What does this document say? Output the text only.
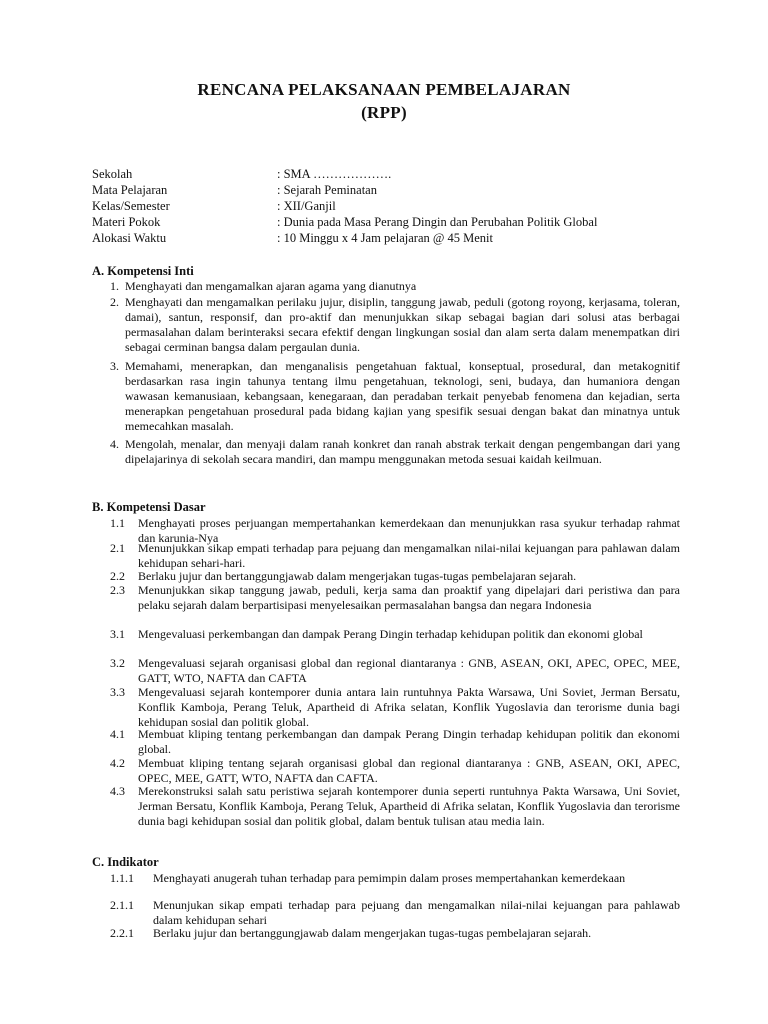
RENCANA PELAKSANAAN PEMBELAJARAN
(RPP)
Sekolah	: SMA ……………….
Mata Pelajaran	: Sejarah Peminatan
Kelas/Semester	: XII/Ganjil
Materi Pokok	: Dunia pada Masa Perang Dingin dan Perubahan Politik Global
Alokasi Waktu	: 10 Minggu x 4 Jam pelajaran @ 45 Menit
A. Kompetensi Inti
1. Menghayati dan mengamalkan ajaran agama yang dianutnya
2. Menghayati dan mengamalkan perilaku jujur, disiplin, tanggung jawab, peduli (gotong royong, kerjasama, toleran, damai), santun, responsif, dan pro-aktif dan menunjukkan sikap sebagai bagian dari solusi atas berbagai permasalahan dalam berinteraksi secara efektif dengan lingkungan sosial dan alam serta dalam menempatkan diri sebagai cerminan bangsa dalam pergaulan dunia.
3. Memahami, menerapkan, dan menganalisis pengetahuan faktual, konseptual, prosedural, dan metakognitif berdasarkan rasa ingin tahunya tentang ilmu pengetahuan, teknologi, seni, budaya, dan humaniora dengan wawasan kemanusiaan, kebangsaan, kenegaraan, dan peradaban terkait penyebab fenomena dan kejadian, serta menerapkan pengetahuan prosedural pada bidang kajian yang spesifik sesuai dengan bakat dan minatnya untuk memecahkan masalah.
4. Mengolah, menalar, dan menyaji dalam ranah konkret dan ranah abstrak terkait dengan pengembangan dari yang dipelajarinya di sekolah secara mandiri, dan mampu menggunakan metoda sesuai kaidah keilmuan.
B. Kompetensi Dasar
1.1 Menghayati proses perjuangan mempertahankan kemerdekaan dan menunjukkan rasa syukur terhadap rahmat dan karunia-Nya
2.1 Menunjukkan sikap empati terhadap para pejuang dan mengamalkan nilai-nilai kejuangan para pahlawan dalam kehidupan sehari-hari.
2.2 Berlaku jujur dan bertanggungjawab dalam mengerjakan tugas-tugas pembelajaran sejarah.
2.3 Menunjukkan sikap tanggung jawab, peduli, kerja sama dan proaktif yang dipelajari dari peristiwa dan para pelaku sejarah dalam berpartisipasi menyelesaikan permasalahan bangsa dan negara Indonesia
3.1 Mengevaluasi perkembangan dan dampak Perang Dingin terhadap kehidupan politik dan ekonomi global
3.2 Mengevaluasi sejarah organisasi global dan regional diantaranya : GNB, ASEAN, OKI, APEC, OPEC, MEE, GATT, WTO, NAFTA dan CAFTA
3.3 Mengevaluasi sejarah kontemporer dunia antara lain runtuhnya Pakta Warsawa, Uni Soviet, Jerman Bersatu, Konflik Kamboja, Perang Teluk, Apartheid di Afrika selatan, Konflik Yugoslavia dan terorisme dunia bagi kehidupan sosial dan politik global.
4.1 Membuat kliping tentang perkembangan dan dampak Perang Dingin terhadap kehidupan politik dan ekonomi global.
4.2 Membuat kliping tentang sejarah organisasi global dan regional diantaranya : GNB, ASEAN, OKI, APEC, OPEC, MEE, GATT, WTO, NAFTA dan CAFTA.
4.3 Merekonstruksi salah satu peristiwa sejarah kontemporer dunia seperti runtuhnya Pakta Warsawa, Uni Soviet, Jerman Bersatu, Konflik Kamboja, Perang Teluk, Apartheid di Afrika selatan, Konflik Yugoslavia dan terorisme dunia bagi kehidupan sosial dan politik global, dalam bentuk tulisan atau media lain.
C. Indikator
1.1.1 Menghayati anugerah tuhan terhadap para pemimpin dalam proses mempertahankan kemerdekaan
2.1.1 Menunjukan sikap empati terhadap para pejuang dan mengamalkan nilai-nilai kejuangan para pahlawab dalam kehidupan sehari
2.2.1 Berlaku jujur dan bertanggungjawab dalam mengerjakan tugas-tugas pembelajaran sejarah.
